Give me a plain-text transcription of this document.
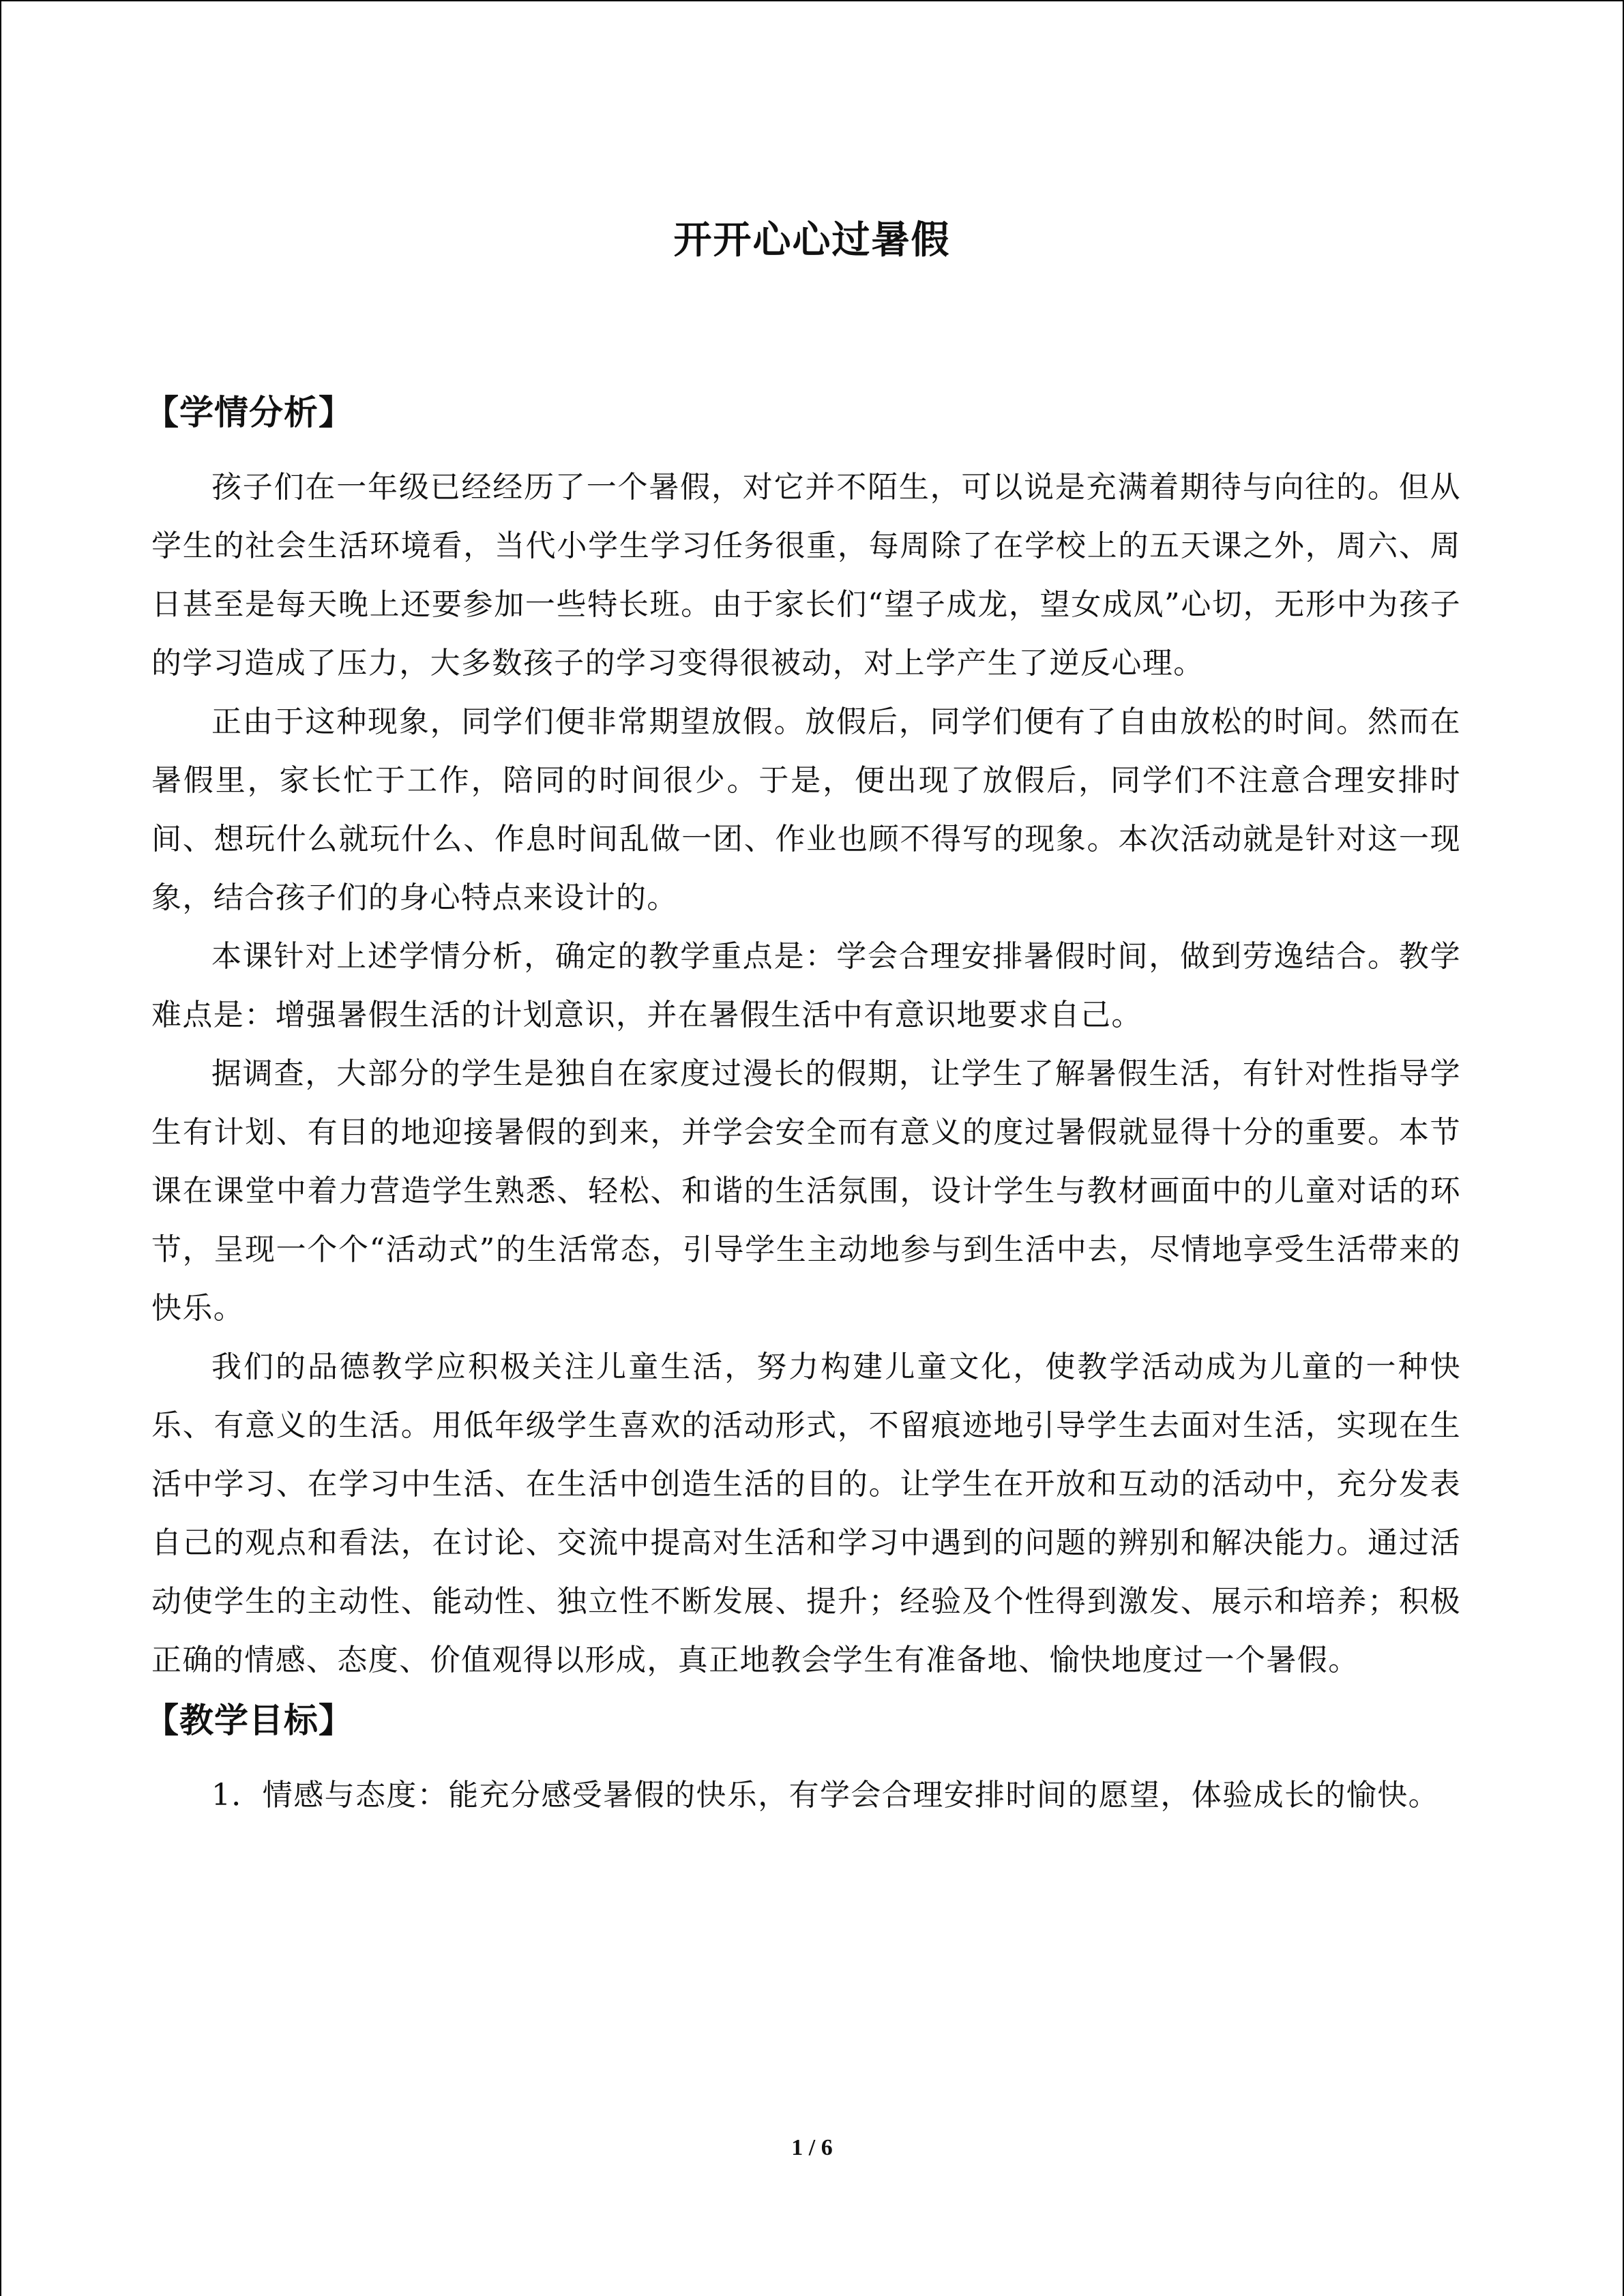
开开心心过暑假
【学情分析】

孩子们在一年级已经经历了一个暑假，对它并不陌生，可以说是充满着期待与向往的。但从学生的社会生活环境看，当代小学生学习任务很重，每周除了在学校上的五天课之外，周六、周日甚至是每天晚上还要参加一些特长班。由于家长们“望子成龙，望女成凤”心切，无形中为孩子的学习造成了压力，大多数孩子的学习变得很被动，对上学产生了逆反心理。

正由于这种现象，同学们便非常期望放假。放假后，同学们便有了自由放松的时间。然而在暑假里，家长忙于工作，陪同的时间很少。于是，便出现了放假后，同学们不注意合理安排时间、想玩什么就玩什么、作息时间乱做一团、作业也顾不得写的现象。本次活动就是针对这一现象，结合孩子们的身心特点来设计的。

本课针对上述学情分析，确定的教学重点是：学会合理安排暑假时间，做到劳逸结合。教学难点是：增强暑假生活的计划意识，并在暑假生活中有意识地要求自己。

据调查，大部分的学生是独自在家度过漫长的假期，让学生了解暑假生活，有针对性指导学生有计划、有目的地迎接暑假的到来，并学会安全而有意义的度过暑假就显得十分的重要。本节课在课堂中着力营造学生熟悉、轻松、和谐的生活氛围，设计学生与教材画面中的儿童对话的环节，呈现一个个“活动式”的生活常态，引导学生主动地参与到生活中去，尽情地享受生活带来的快乐。

我们的品德教学应积极关注儿童生活，努力构建儿童文化，使教学活动成为儿童的一种快乐、有意义的生活。用低年级学生喜欢的活动形式，不留痕迹地引导学生去面对生活，实现在生活中学习、在学习中生活、在生活中创造生活的目的。让学生在开放和互动的活动中，充分发表自己的观点和看法，在讨论、交流中提高对生活和学习中遇到的问题的辨别和解决能力。通过活动使学生的主动性、能动性、独立性不断发展、提升；经验及个性得到激发、展示和培养；积极正确的情感、态度、价值观得以形成，真正地教会学生有准备地、愉快地度过一个暑假。

【教学目标】

1．情感与态度：能充分感受暑假的快乐，有学会合理安排时间的愿望，体验成长的愉快。

1 / 6
